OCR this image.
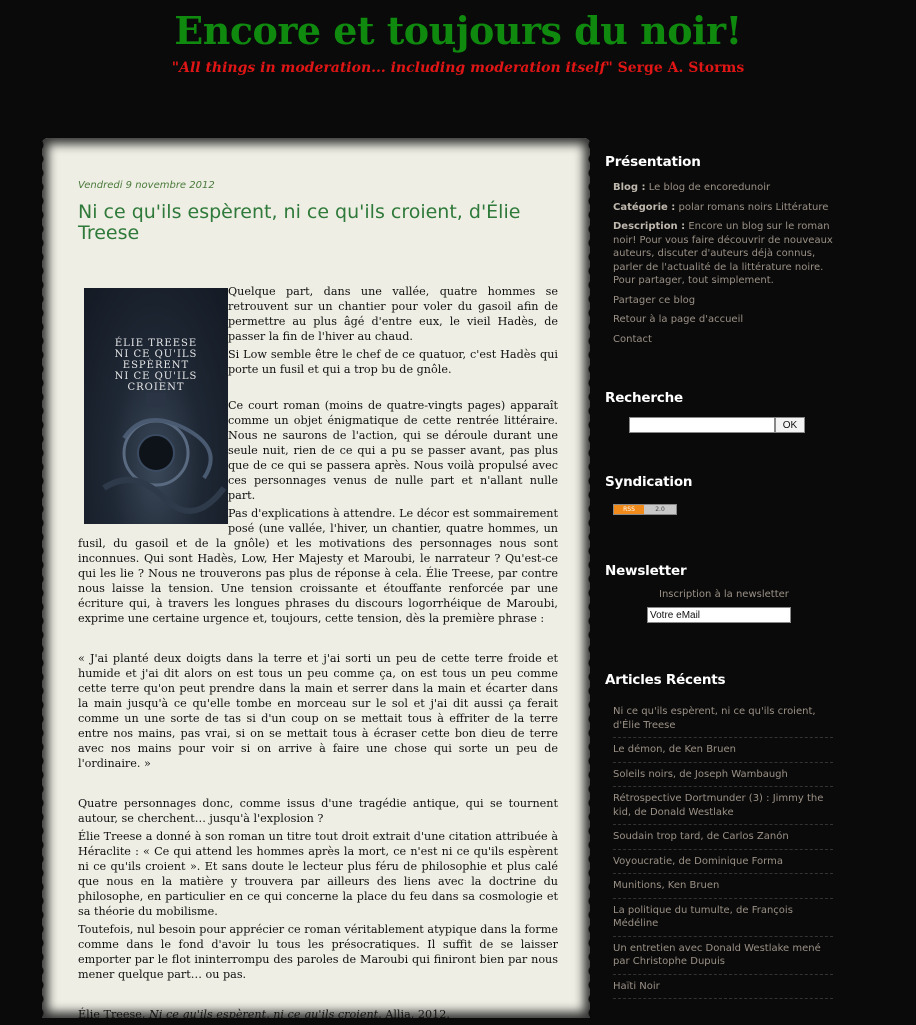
Encore et toujours du noir!

"All things in moderation... including moderation itself" Serge A. Storms

Vendredi 9 novembre 2012
Ni ce qu'ils espèrent, ni ce qu'ils croient, d'Élie Treese

Quelque part, dans une vallée, quatre hommes se retrouvent sur un chantier pour voler du gasoil afin de permettre au plus âgé d'entre eux, le vieil Hadès, de passer la fin de l'hiver au chaud.

Si Low semble être le chef de ce quatuor, c'est Hadès qui porte un fusil et qui a trop bu de gnôle.

Ce court roman (moins de quatre-vingts pages) apparaît comme un objet énigmatique de cette rentrée littéraire. Nous ne saurons de l'action, qui se déroule durant une seule nuit, rien de ce qui a pu se passer avant, pas plus que de ce qui se passera après. Nous voilà propulsé avec ces personnages venus de nulle part et n'allant nulle part.

Pas d'explications à attendre. Le décor est sommairement posé (une vallée, l'hiver, un chantier, quatre hommes, un fusil, du gasoil et de la gnôle) et les motivations des personnages nous sont inconnues. Qui sont Hadès, Low, Her Majesty et Maroubi, le narrateur ? Qu'est-ce qui les lie ? Nous ne trouverons pas plus de réponse à cela. Élie Treese, par contre nous laisse la tension. Une tension croissante et étouffante renforcée par une écriture qui, à travers les longues phrases du discours logorrhéique de Maroubi, exprime une certaine urgence et, toujours, cette tension, dès la première phrase :

« J'ai planté deux doigts dans la terre et j'ai sorti un peu de cette terre froide et humide et j'ai dit alors on est tous un peu comme ça, on est tous un peu comme cette terre qu'on peut prendre dans la main et serrer dans la main et écarter dans la main jusqu'à ce qu'elle tombe en morceau sur le sol et j'ai dit aussi ça ferait comme un une sorte de tas si d'un coup on se mettait tous à effriter de la terre entre nos mains, pas vrai, si on se mettait tous à écraser cette bon dieu de terre avec nos mains pour voir si on arrive à faire une chose qui sorte un peu de l'ordinaire. »

Quatre personnages donc, comme issus d'une tragédie antique, qui se tournent autour, se cherchent… jusqu'à l'explosion ?

Élie Treese a donné à son roman un titre tout droit extrait d'une citation attribuée à Héraclite : « Ce qui attend les hommes après la mort, ce n'est ni ce qu'ils espèrent ni ce qu'ils croient ». Et sans doute le lecteur plus féru de philosophie et plus calé que nous en la matière y trouvera par ailleurs des liens avec la doctrine du philosophe, en particulier en ce qui concerne la place du feu dans sa cosmologie et sa théorie du mobilisme.

Toutefois, nul besoin pour apprécier ce roman véritablement atypique dans la forme comme dans le fond d'avoir lu tous les présocratiques. Il suffit de se laisser emporter par le flot ininterrompu des paroles de Maroubi qui finiront bien par nous mener quelque part… ou pas.

Élie Treese, Ni ce qu'ils espèrent, ni ce qu'ils croient, Allia, 2012.

ÉLIE TREESE
NI CE QU'ILS ESPÈRENT
NI CE QU'ILS CROIENT
Présentation
Blog : Le blog de encoredunoir
Catégorie : polar romans noirs Littérature
Description : Encore un blog sur le roman noir! Pour vous faire découvrir de nouveaux auteurs, discuter d'auteurs déjà connus, parler de l'actualité de la littérature noire. Pour partager, tout simplement.
Partager ce blog
Retour à la page d'accueil
Contact
Recherche
OK
Syndication
RSS	2.0
Newsletter
Inscription à la newsletter
Votre eMail
Articles Récents
Ni ce qu'ils espèrent, ni ce qu'ils croient, d'Élie Treese
Le démon, de Ken Bruen
Soleils noirs, de Joseph Wambaugh
Rétrospective Dortmunder (3) : Jimmy the kid, de Donald Westlake
Soudain trop tard, de Carlos Zanón
Voyoucratie, de Dominique Forma
Munitions, Ken Bruen
La politique du tumulte, de François Médéline
Un entretien avec Donald Westlake mené par Christophe Dupuis
Haïti Noir
